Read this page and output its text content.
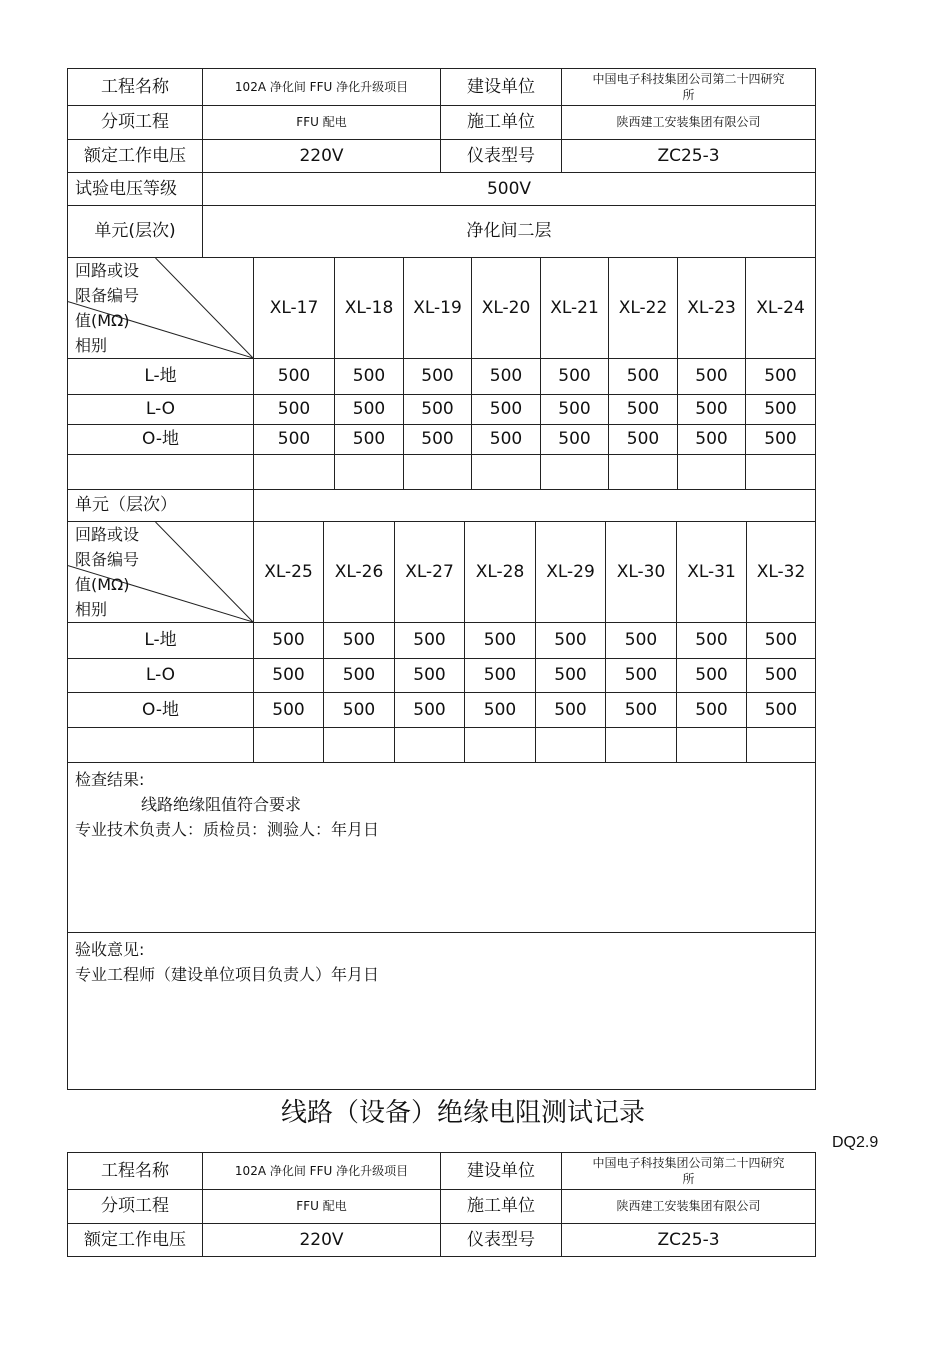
工程名称	102A 净化间 FFU 净化升级项目	建设单位	中国电子科技集团公司第二十四研究
所
分项工程	FFU 配电	施工单位	陕西建工安装集团有限公司
额定工作电压	220V	仪表型号	ZC25-3
试验电压等级	500V
单元(层次)	净化间二层
回路或设
限备编号
值(MΩ)
相别	XL-17	XL-18	XL-19	XL-20	XL-21	XL-22	XL-23	XL-24
L-地	500	500	500	500	500	500	500	500
L-O	500	500	500	500	500	500	500	500
O-地	500	500	500	500	500	500	500	500

单元（层次）								
回路或设
限备编号
值(MΩ)
相别	XL-25	XL-26	XL-27	XL-28	XL-29	XL-30	XL-31	XL-32
L-地	500	500	500	500	500	500	500	500
L-O	500	500	500	500	500	500	500	500
O-地	500	500	500	500	500	500	500	500

检查结果:
线路绝缘阻值符合要求
专业技术负责人：质检员：测验人：年月日

验收意见:
专业工程师（建设单位项目负责人）年月日
线路（设备）绝缘电阻测试记录
DQ2.9
工程名称	102A 净化间 FFU 净化升级项目	建设单位	中国电子科技集团公司第二十四研究
所
分项工程	FFU 配电	施工单位	陕西建工安装集团有限公司
额定工作电压	220V	仪表型号	ZC25-3
